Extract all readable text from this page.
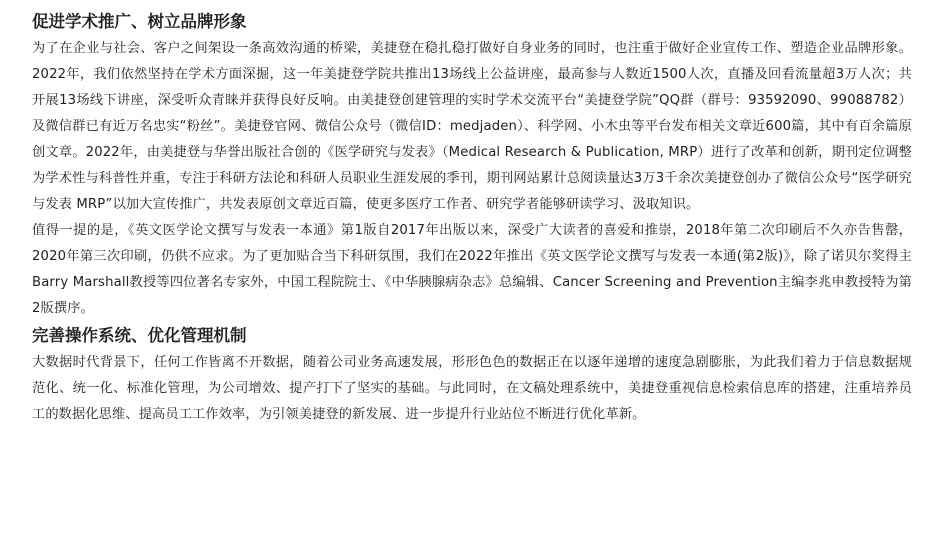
促进学术推广、树立品牌形象

为了在企业与社会、客户之间架设一条高效沟通的桥梁，美捷登在稳扎稳打做好自身业务的同时，也注重于做好企业宣传工作、塑造企业品牌形象。2022年，我们依然坚持在学术方面深掘，这一年美捷登学院共推出13场线上公益讲座，最高参与人数近1500人次，直播及回看流量超3万人次；共开展13场线下讲座，深受听众青睐并获得良好反响。由美捷登创建管理的实时学术交流平台“美捷登学院”QQ群（群号：93592090、99088782）及微信群已有近万名忠实“粉丝”。美捷登官网、微信公众号（微信ID：medjaden）、科学网、小木虫等平台发布相关文章近600篇，其中有百余篇原创文章。2022年，由美捷登与华誉出版社合创的《医学研究与发表》（Medical Research & Publication, MRP）进行了改革和创新，期刊定位调整为学术性与科普性并重，专注于科研方法论和科研人员职业生涯发展的季刊，期刊网站累计总阅读量达3万3千余次美捷登创办了微信公众号“医学研究与发表 MRP”以加大宣传推广，共发表原创文章近百篇，使更多医疗工作者、研究学者能够研读学习、汲取知识。

值得一提的是，《英文医学论文撰写与发表一本通》第1版自2017年出版以来，深受广大读者的喜爱和推崇，2018年第二次印刷后不久亦告售罄，2020年第三次印刷，仍供不应求。为了更加贴合当下科研氛围，我们在2022年推出《英文医学论文撰写与发表一本通(第2版)》，除了诺贝尔奖得主Barry Marshall教授等四位著名专家外，中国工程院院士、《中华胰腺病杂志》总编辑、Cancer Screening and Prevention主编李兆申教授特为第2版撰序。

完善操作系统、优化管理机制

大数据时代背景下，任何工作皆离不开数据，随着公司业务高速发展，形形色色的数据正在以逐年递增的速度急剧膨胀，为此我们着力于信息数据规范化、统一化、标准化管理，为公司增效、提产打下了坚实的基础。与此同时，在文稿处理系统中，美捷登重视信息检索信息库的搭建，注重培养员工的数据化思维、提高员工工作效率，为引领美捷登的新发展、进一步提升行业站位不断进行优化革新。
